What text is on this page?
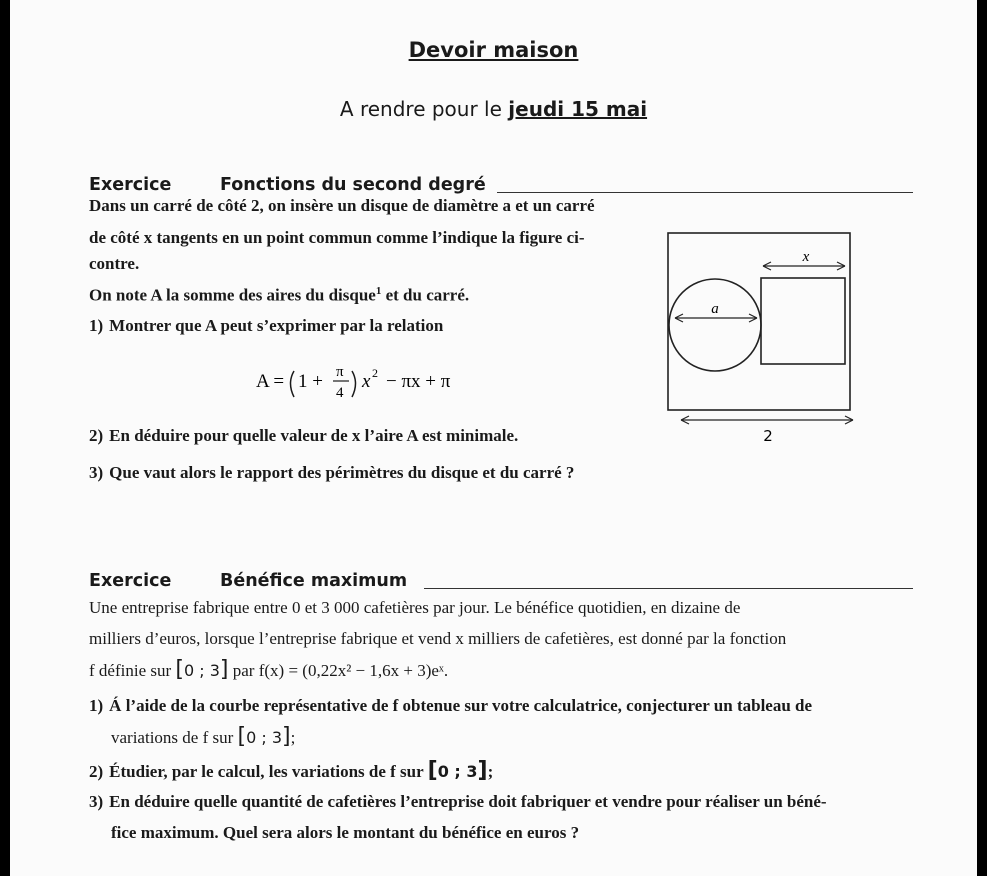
Devoir maison
A rendre pour le jeudi 15 mai
Exercice	Fonctions du second degré
Dans un carré de côté 2, on insère un disque de diamètre a et un carré
de côté x tangents en un point commun comme l’indique la figure ci-
contre.
On note A la somme des aires du disque$^1$ et du carré.
1) Montrer que A peut s’exprimer par la relation
A = 1 + π
4
x 2 − πx + π
2) En déduire pour quelle valeur de x l’aire A est minimale.
3) Que vaut alors le rapport des périmètres du disque et du carré ?
a
x
2
Exercice	Bénéfice maximum
Une entreprise fabrique entre 0 et 3 000 cafetières par jour. Le bénéfice quotidien, en dizaine de
milliers d’euros, lorsque l’entreprise fabrique et vend x milliers de cafetières, est donné par la fonction
f définie sur [0 ; 3] par f(x) = (0,22x² − 1,6x + 3)eˣ.
1) Á l’aide de la courbe représentative de f obtenue sur votre calculatrice, conjecturer un tableau de
variations de f sur [0 ; 3];
2) Étudier, par le calcul, les variations de f sur [0 ; 3];
3) En déduire quelle quantité de cafetières l’entreprise doit fabriquer et vendre pour réaliser un béné-
fice maximum. Quel sera alors le montant du bénéfice en euros ?
